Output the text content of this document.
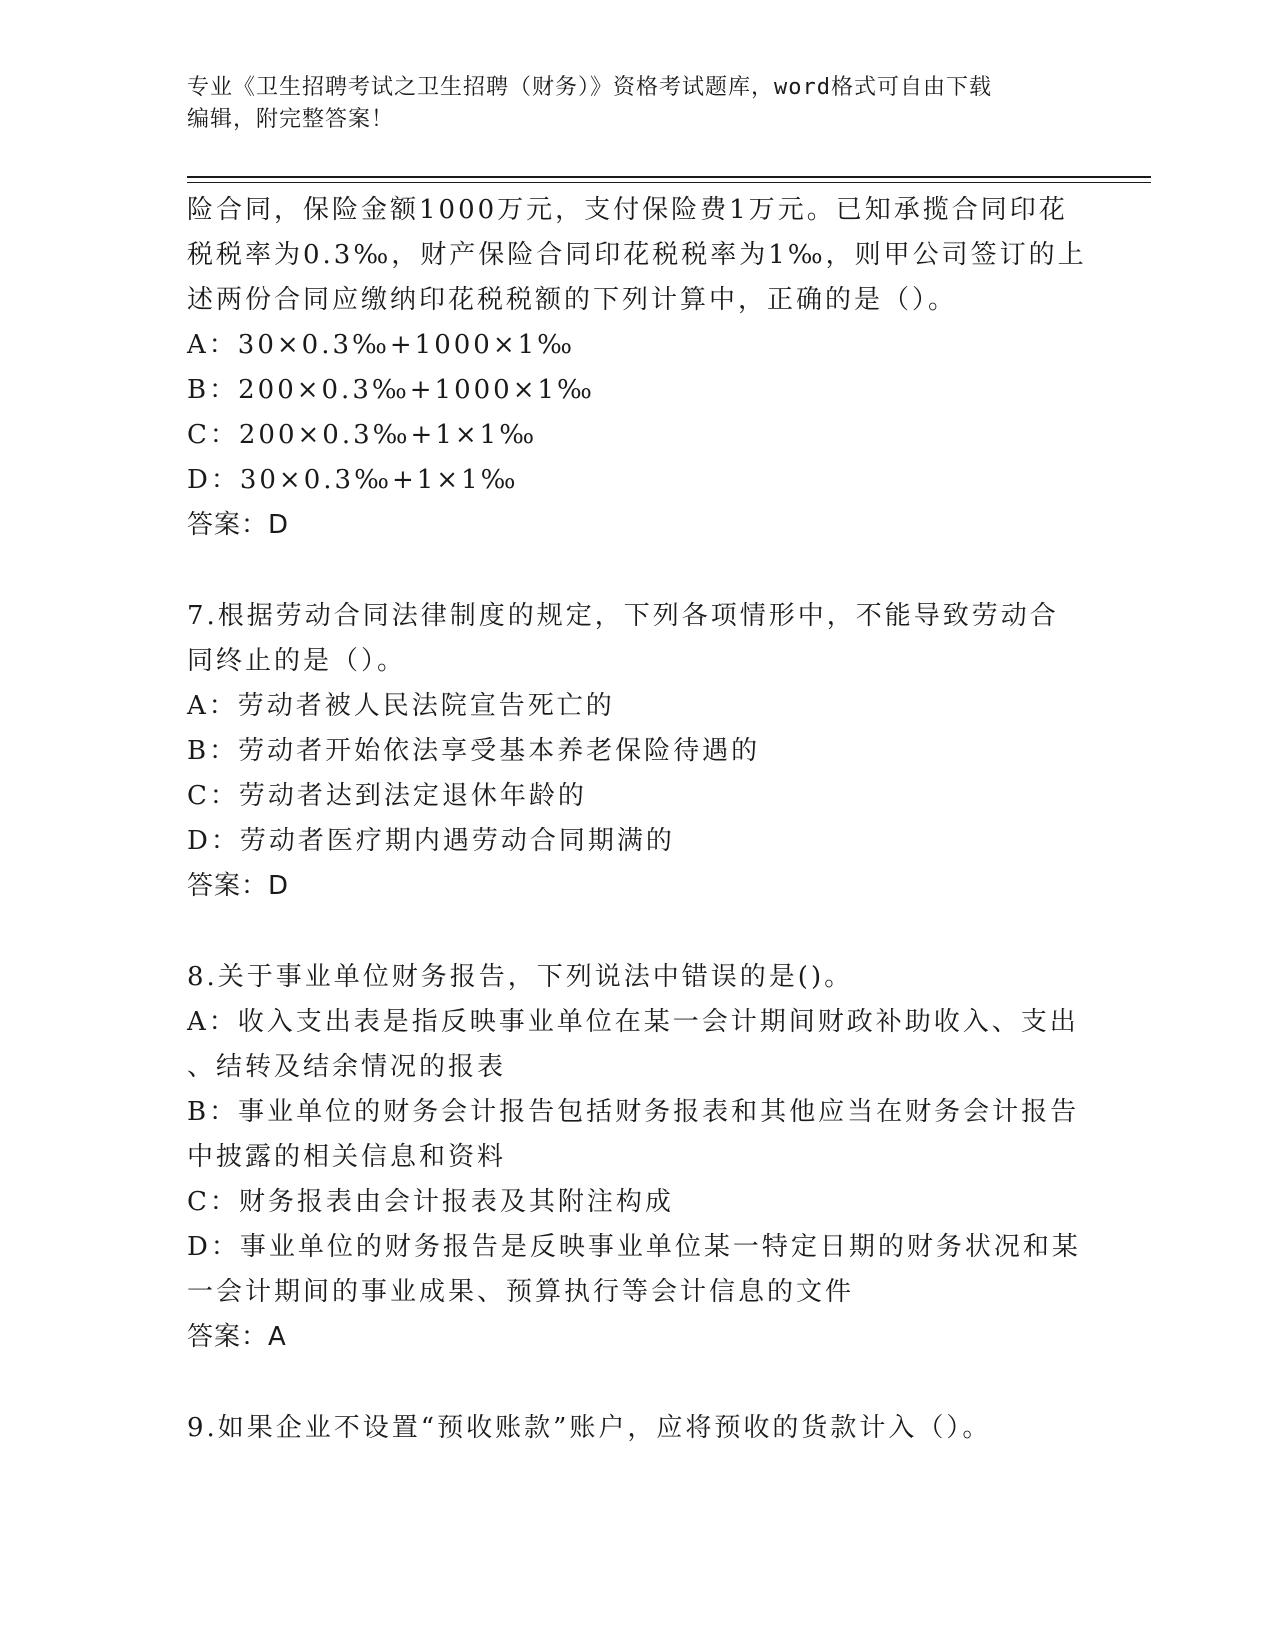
专业《卫生招聘考试之卫生招聘（财务）》资格考试题库，word格式可自由下载
编辑，附完整答案！
险合同，保险金额1000万元，支付保险费1万元。已知承揽合同印花
税税率为0.3‰，财产保险合同印花税税率为1‰，则甲公司签订的上
述两份合同应缴纳印花税税额的下列计算中，正确的是（）。
A：30×0.3‰+1000×1‰
B：200×0.3‰+1000×1‰
C：200×0.3‰+1×1‰
D：30×0.3‰+1×1‰
答案：D
7.根据劳动合同法律制度的规定，下列各项情形中，不能导致劳动合
同终止的是（）。
A：劳动者被人民法院宣告死亡的
B：劳动者开始依法享受基本养老保险待遇的
C：劳动者达到法定退休年龄的
D：劳动者医疗期内遇劳动合同期满的
答案：D
8.关于事业单位财务报告，下列说法中错误的是()。
A：收入支出表是指反映事业单位在某一会计期间财政补助收入、支出
、结转及结余情况的报表
B：事业单位的财务会计报告包括财务报表和其他应当在财务会计报告
中披露的相关信息和资料
C：财务报表由会计报表及其附注构成
D：事业单位的财务报告是反映事业单位某一特定日期的财务状况和某
一会计期间的事业成果、预算执行等会计信息的文件
答案：A
9.如果企业不设置“预收账款”账户，应将预收的货款计入（）。
